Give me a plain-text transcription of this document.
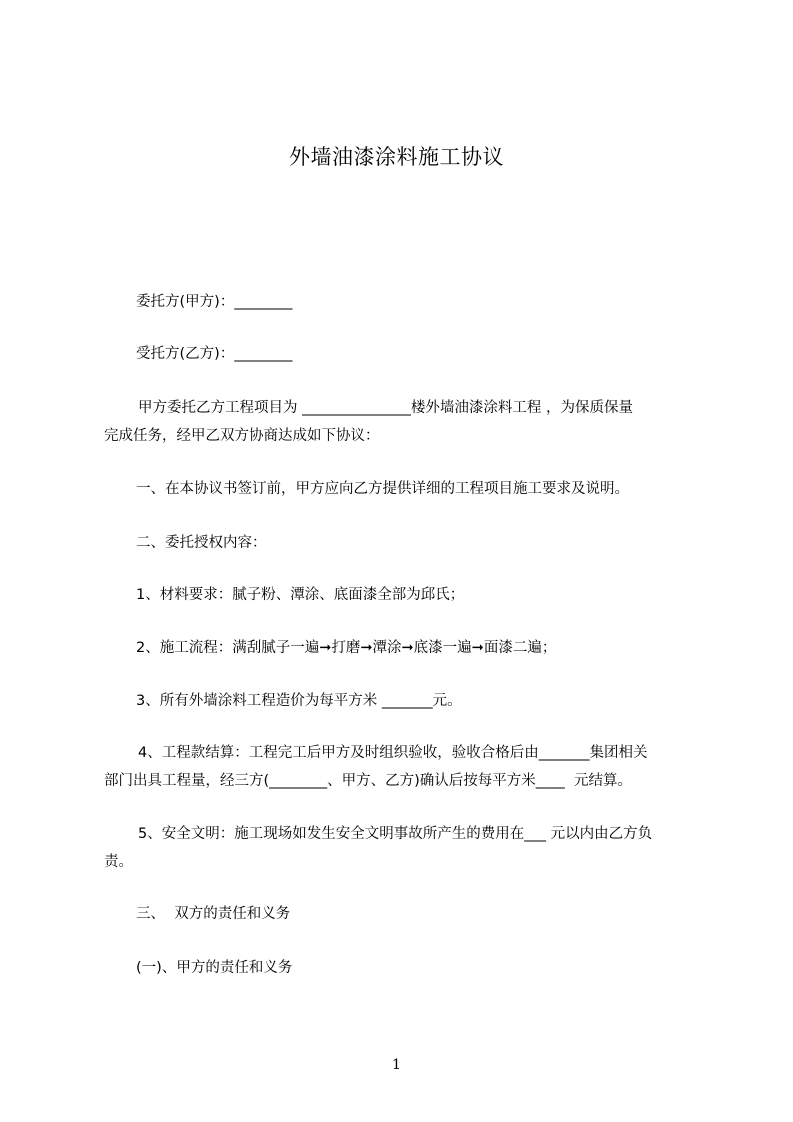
外墙油漆涂料施工协议
委托方(甲方)：________
受托方(乙方)：________
甲方委托乙方工程项目为 _______________楼外墙油漆涂料工程 ，为保质保量
完成任务，经甲乙双方协商达成如下协议：
一、在本协议书签订前，甲方应向乙方提供详细的工程项目施工要求及说明。
二、委托授权内容：
1、材料要求：腻子粉、潭涂、底面漆全部为邱氏；
2、施工流程：满刮腻子一遍➞打磨➞潭涂➞底漆一遍➞面漆二遍；
3、所有外墙涂料工程造价为每平方米 _______元。
4、工程款结算：工程完工后甲方及时组织验收，验收合格后由_______集团相关
部门出具工程量，经三方(________、甲方、乙方)确认后按每平方米____  元结算。
5、安全文明：施工现场如发生安全文明事故所产生的费用在___ 元以内由乙方负
责。
三、  双方的责任和义务
(一)、甲方的责任和义务
1
